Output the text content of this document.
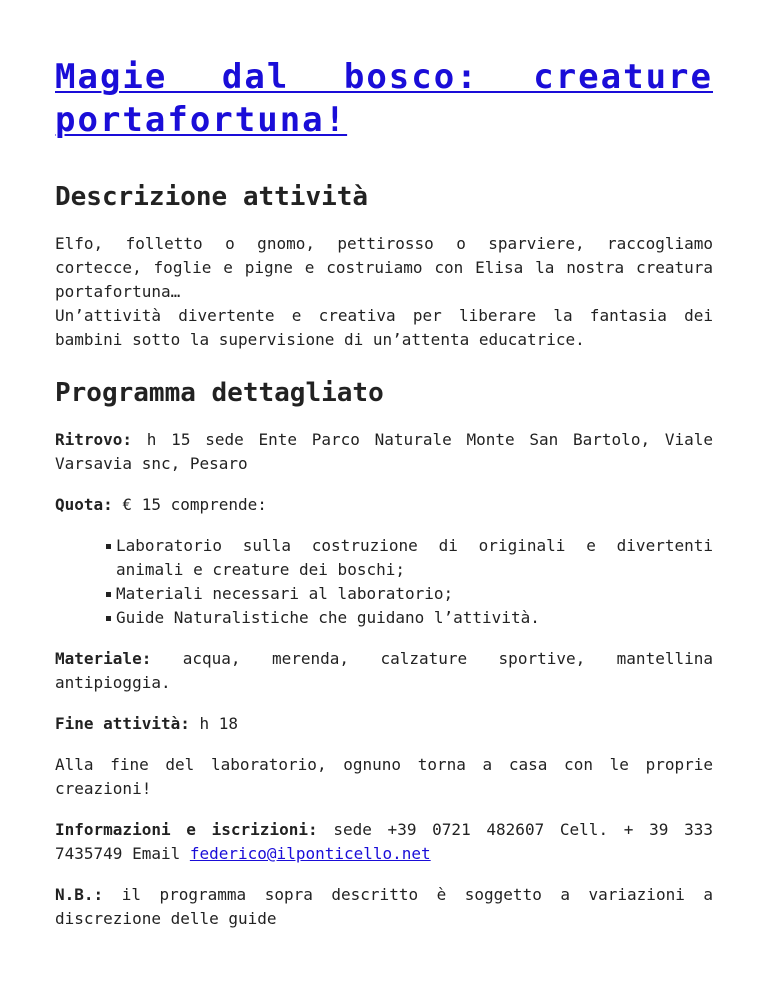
Magie dal bosco: creature portafortuna!
Descrizione attività

Elfo, folletto o gnomo, pettirosso o sparviere, raccogliamo cortecce, foglie e pigne e costruiamo con Elisa la nostra creatura portafortuna…
Un’attività divertente e creativa per liberare la fantasia dei bambini sotto la supervisione di un’attenta educatrice.

Programma dettagliato

Ritrovo: h 15 sede Ente Parco Naturale Monte San Bartolo, Viale Varsavia snc, Pesaro

Quota: € 15 comprende:

Laboratorio sulla costruzione di originali e divertenti animali e creature dei boschi;
Materiali necessari al laboratorio;
Guide Naturalistiche che guidano l’attività.

Materiale: acqua, merenda, calzature sportive, mantellina antipioggia.

Fine attività: h 18

Alla fine del laboratorio, ognuno torna a casa con le proprie creazioni!

Informazioni e iscrizioni: sede +39 0721 482607 Cell. + 39 333 7435749 Email federico@ilponticello.net

N.B.: il programma sopra descritto è soggetto a variazioni a discrezione delle guide
